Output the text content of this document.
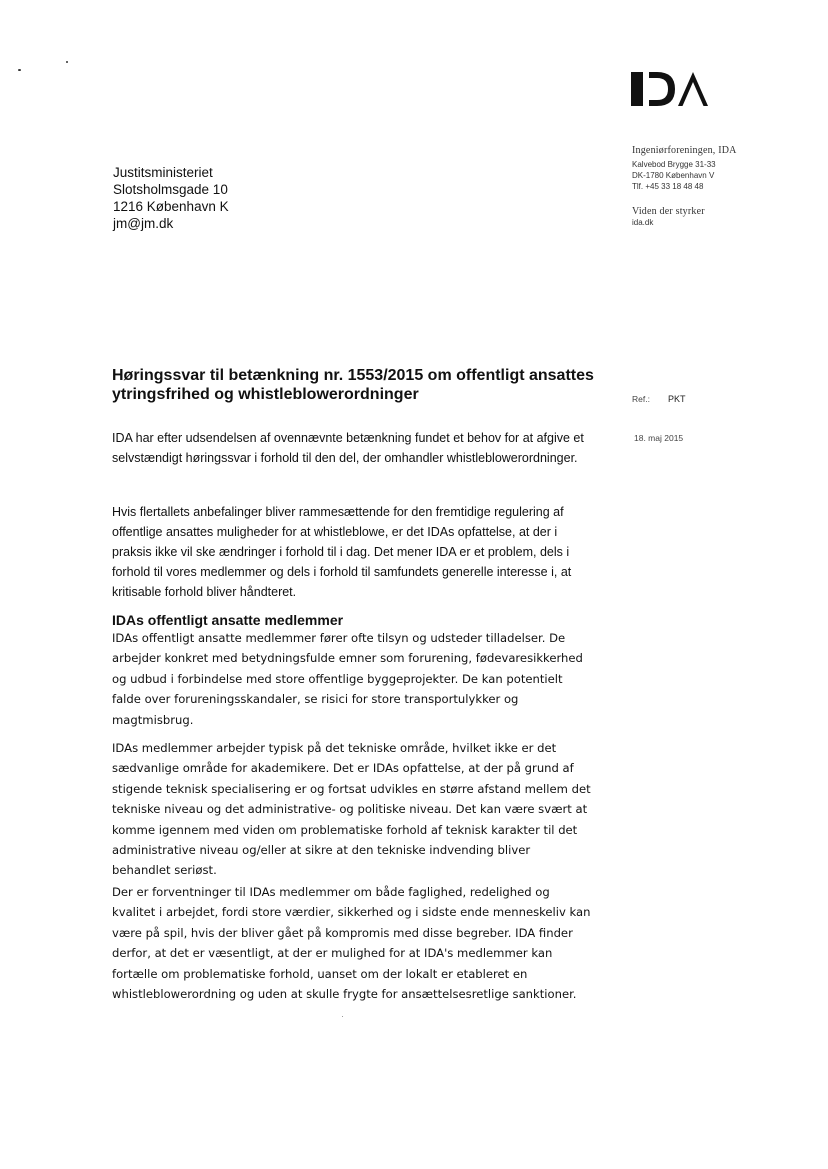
Ingeniørforeningen, IDA
Kalvebod Brygge 31-33
DK-1780 København V
Tlf. +45 33 18 48 48
Viden der styrker
ida.dk
Justitsministeriet
Slotsholmsgade 10
1216 København K
jm@jm.dk
Høringssvar til betænkning nr. 1553/2015 om offentligt ansattes ytringsfrihed og whistleblowerordninger	Ref.: PKT
18. maj 2015

IDA har efter udsendelsen af ovennævnte betænkning fundet et behov for at afgive et selvstændigt høringssvar i forhold til den del, der omhandler whistleblowerordninger.

Hvis flertallets anbefalinger bliver rammesættende for den fremtidige regulering af offentlige ansattes muligheder for at whistleblowe, er det IDAs opfattelse, at der i praksis ikke vil ske ændringer i forhold til i dag. Det mener IDA er et problem, dels i forhold til vores medlemmer og dels i forhold til samfundets generelle interesse i, at kritisable forhold bliver håndteret.

IDAs offentligt ansatte medlemmer

IDAs offentligt ansatte medlemmer fører ofte tilsyn og udsteder tilladelser. De arbejder konkret med betydningsfulde emner som forurening, fødevaresikkerhed og udbud i forbindelse med store offentlige byggeprojekter. De kan potentielt falde over forureningsskandaler, se risici for store transportulykker og magtmisbrug.

IDAs medlemmer arbejder typisk på det tekniske område, hvilket ikke er det sædvanlige område for akademikere. Det er IDAs opfattelse, at der på grund af stigende teknisk specialisering er og fortsat udvikles en større afstand mellem det tekniske niveau og det administrative- og politiske niveau. Det kan være svært at komme igennem med viden om problematiske forhold af teknisk karakter til det administrative niveau og/eller at sikre at den tekniske indvending bliver behandlet seriøst.

Der er forventninger til IDAs medlemmer om både faglighed, redelighed og kvalitet i arbejdet, fordi store værdier, sikkerhed og i sidste ende menneskeliv kan være på spil, hvis der bliver gået på kompromis med disse begreber. IDA finder derfor, at det er væsentligt, at der er mulighed for at IDA's medlemmer kan fortælle om problematiske forhold, uanset om der lokalt er etableret en whistleblowerordning og uden at skulle frygte for ansættelsesretlige sanktioner.
